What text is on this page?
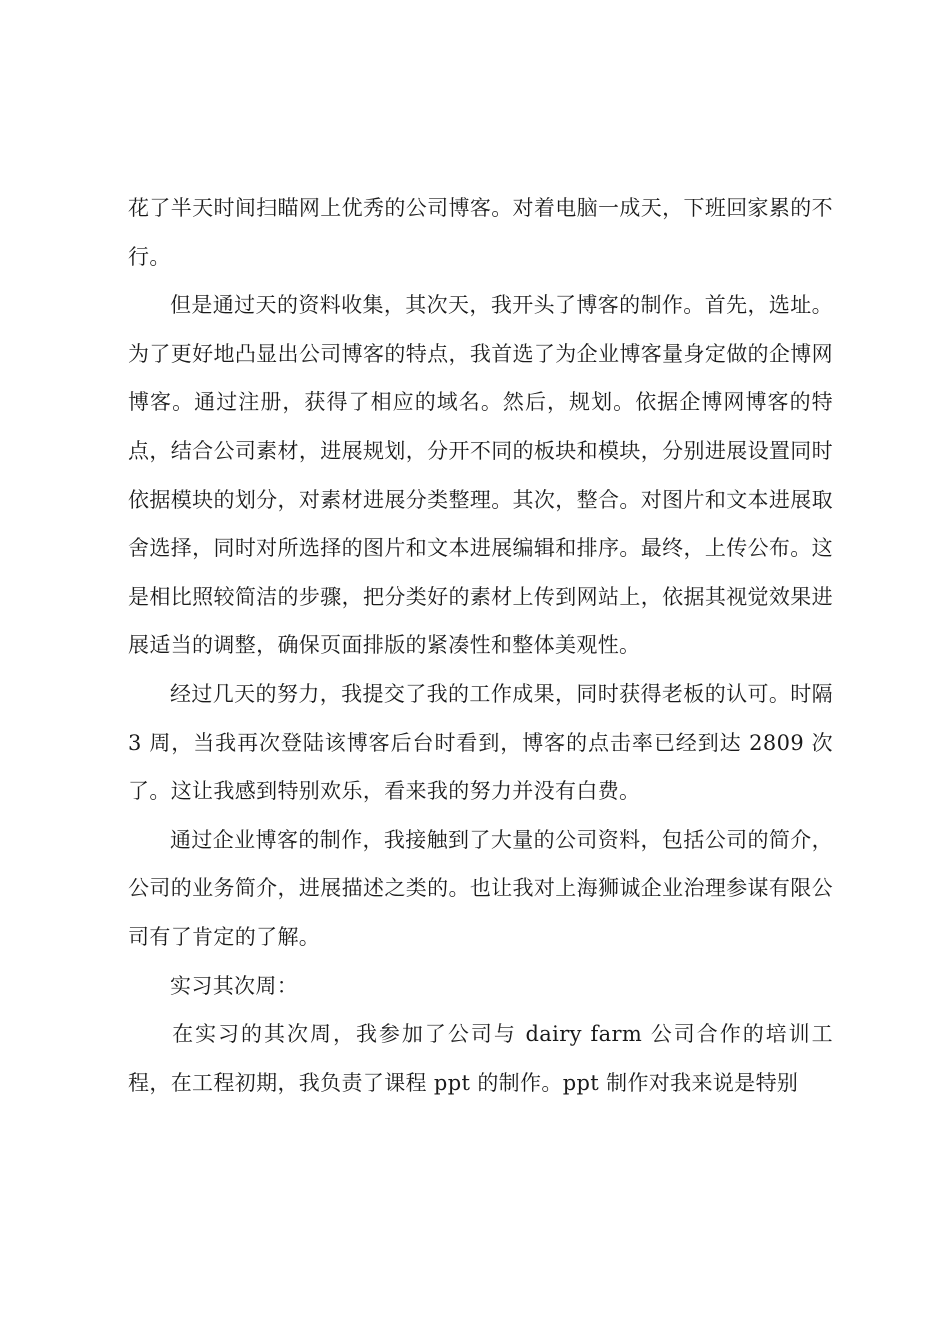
花了半天时间扫瞄网上优秀的公司博客。对着电脑一成天，下班回家累的不行。

但是通过天的资料收集，其次天，我开头了博客的制作。首先，选址。为了更好地凸显出公司博客的特点，我首选了为企业博客量身定做的企博网博客。通过注册，获得了相应的域名。然后，规划。依据企博网博客的特点，结合公司素材，进展规划，分开不同的板块和模块，分别进展设置同时依据模块的划分，对素材进展分类整理。其次，整合。对图片和文本进展取舍选择，同时对所选择的图片和文本进展编辑和排序。最终，上传公布。这是相比照较简洁的步骤，把分类好的素材上传到网站上，依据其视觉效果进展适当的调整，确保页面排版的紧凑性和整体美观性。

经过几天的努力，我提交了我的工作成果，同时获得老板的认可。时隔 3 周，当我再次登陆该博客后台时看到，博客的点击率已经到达 2809 次了。这让我感到特别欢乐，看来我的努力并没有白费。

通过企业博客的制作，我接触到了大量的公司资料，包括公司的简介，公司的业务简介，进展描述之类的。也让我对上海狮诚企业治理参谋有限公司有了肯定的了解。

实习其次周：

在实习的其次周，我参加了公司与 dairy farm 公司合作的培训工程，在工程初期，我负责了课程 ppt 的制作。ppt 制作对我来说是特别
